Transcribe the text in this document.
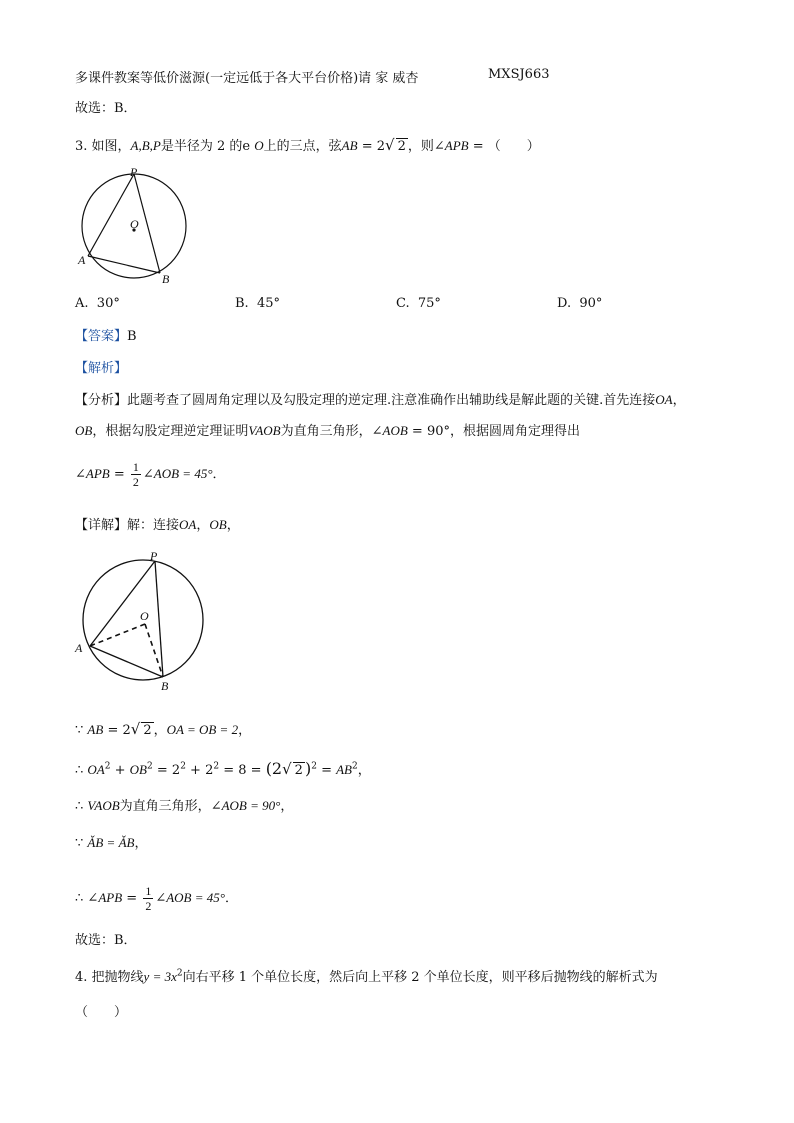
多课件教案等低价滋源(一定远低于各大平台价格)请 家 威杏	MXSJ663
故选：B．
3. 如图，A,B,P是半径为 2 的e O上的三点，弦AB = 2√ 2 ，则∠APB = （　　）
P
O
A
B
A. 30°	B. 45°	C. 75°	D. 90°
【答案】B
【解析】
【分析】此题考查了圆周角定理以及勾股定理的逆定理.注意准确作出辅助线是解此题的关键.首先连接OA，
OB，根据勾股定理逆定理证明VAOB为直角三角形，∠AOB = 90°，根据圆周角定理得出
∠APB = $\frac{1}{2}$ ∠AOB = 45°．
【详解】解：连接OA，OB，
P
O
A
B
∵ AB = 2√ 2 ，OA = OB = 2，
∴ $OA^2 + OB^2 = 2^2 + 2^2 = 8 = (2√$ 2 )$^2 = AB^2$，
∴ VAOB为直角三角形，∠AOB = 90°，
∵ ǍB = ǍB，
∴ ∠APB = $\frac{1}{2}$ ∠AOB = 45°．
故选：B．
4. 把抛物线$y = 3x^2$向右平移 1 个单位长度，然后向上平移 2 个单位长度，则平移后抛物线的解析式为
（　　）
